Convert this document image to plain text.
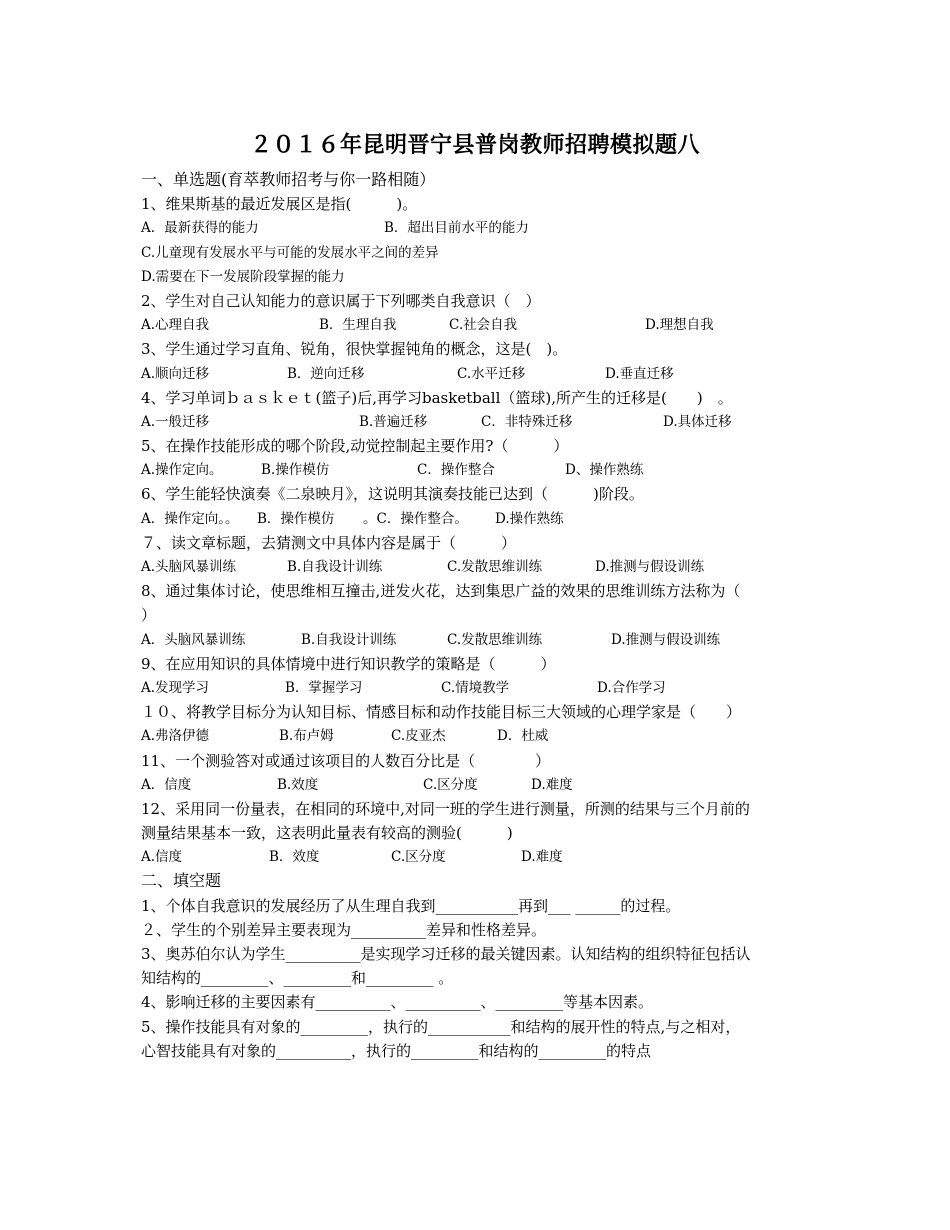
２０１６年昆明晋宁县普岗教师招聘模拟题八
一、单选题(育萃教师招考与你一路相随）
1、维果斯基的最近发展区是指(　　　)。
A．最新获得的能力	B．超出目前水平的能力
C.儿童现有发展水平与可能的发展水平之间的差异
D.需要在下一发展阶段掌握的能力
2、学生对自己认知能力的意识属于下列哪类自我意识（　）
A.心理自我	B．生理自我	C.社会自我	D.理想自我
3、学生通过学习直角、锐角，很快掌握钝角的概念，这是(　)。
A.顺向迁移	B．逆向迁移	C.水平迁移	D.垂直迁移
4、学习单词ｂａｓｋｅｔ(篮子)后,再学习basketball（篮球),所产生的迁移是(　　)　。
A.一般迁移	B.普遍迁移	C．非特殊迁移	D.具体迁移
5、在操作技能形成的哪个阶段,动觉控制起主要作用?（　　　）
A.操作定向。	B.操作模仿	C．操作整合	D、操作熟练
6、学生能轻快演奏《二泉映月》，这说明其演奏技能已达到（　　　)阶段。
A．操作定向。。 B．操作模仿 。C．操作整合。 D.操作熟练
７、读文章标题，去猜测文中具体内容是属于（　　　）
A.头脑风暴训练	B.自我设计训练	C.发散思维训练	D.推测与假设训练
8、通过集体讨论，使思维相互撞击,迸发火花，达到集思广益的效果的思维训练方法称为（
）
A．头脑风暴训练	B.自我设计训练	C.发散思维训练	D.推测与假设训练
9、在应用知识的具体情境中进行知识教学的策略是（　　　）
A.发现学习	B．掌握学习	C.情境教学	D.合作学习
１０、将教学目标分为认知目标、情感目标和动作技能目标三大领域的心理学家是（　　）
A.弗洛伊德	B.布卢姆	C.皮亚杰	D．杜威
11、一个测验答对或通过该项目的人数百分比是（　　　　）
A．信度	B.效度	C.区分度	D.难度
12、采用同一份量表，在相同的环境中,对同一班的学生进行测量，所测的结果与三个月前的
测量结果基本一致，这表明此量表有较高的测验(　　　)
A.信度	B．效度	C.区分度	D.难度
二、填空题
1、个体自我意识的发展经历了从生理自我到___________再到___ ______的过程。
２、学生的个别差异主要表现为__________差异和性格差异。
3、奥苏伯尔认为学生__________是实现学习迁移的最关键因素。认知结构的组织特征包括认
知结构的_________、_________和_________ 。
4、影响迁移的主要因素有__________、__________、_________等基本因素。
5、操作技能具有对象的_________，执行的___________和结构的展开性的特点,与之相对，
心智技能具有对象的__________，执行的_________和结构的_________的特点
